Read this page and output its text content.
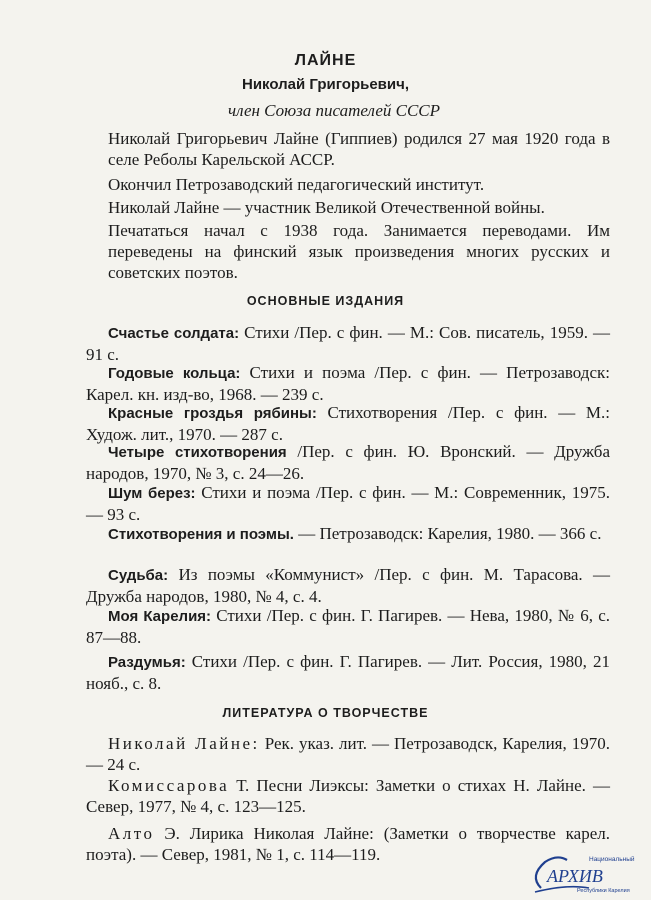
ЛАЙНЕ
Николай Григорьевич,
член Союза писателей СССР
Николай Григорьевич Лайне (Гиппиев) родился 27 мая 1920 года в селе Реболы Карельской АССР.
Окончил Петрозаводский педагогический институт.
Николай Лайне — участник Великой Отечественной войны.
Печататься начал с 1938 года. Занимается переводами. Им переведены на финский язык произведения многих русских и советских поэтов.
ОСНОВНЫЕ ИЗДАНИЯ
Счастье солдата: Стихи /Пер. с фин. — М.: Сов. писатель, 1959. — 91 с.
Годовые кольца: Стихи и поэма /Пер. с фин. — Петрозаводск: Карел. кн. изд-во, 1968. — 239 с.
Красные гроздья рябины: Стихотворения /Пер. с фин. — М.: Худож. лит., 1970. — 287 с.
Четыре стихотворения /Пер. с фин. Ю. Вронский. — Дружба народов, 1970, № 3, с. 24—26.
Шум берез: Стихи и поэма /Пер. с фин. — М.: Современник, 1975. — 93 с.
Стихотворения и поэмы. — Петрозаводск: Карелия, 1980. — 366 с.
Судьба: Из поэмы «Коммунист» /Пер. с фин. М. Тарасова. — Дружба народов, 1980, № 4, с. 4.
Моя Карелия: Стихи /Пер. с фин. Г. Пагирев. — Нева, 1980, № 6, с. 87—88.
Раздумья: Стихи /Пер. с фин. Г. Пагирев. — Лит. Россия, 1980, 21 нояб., с. 8.
ЛИТЕРАТУРА О ТВОРЧЕСТВЕ
Николай Лайне: Рек. указ. лит. — Петрозаводск, Карелия, 1970. — 24 с.
Комиссарова Т. Песни Лиэксы: Заметки о стихах Н. Лайне. — Север, 1977, № 4, с. 123—125.
Алто Э. Лирика Николая Лайне: (Заметки о творчестве карел. поэта). — Север, 1981, № 1, с. 114—119.	Национальный
АРХИВ
Республики Карелия
